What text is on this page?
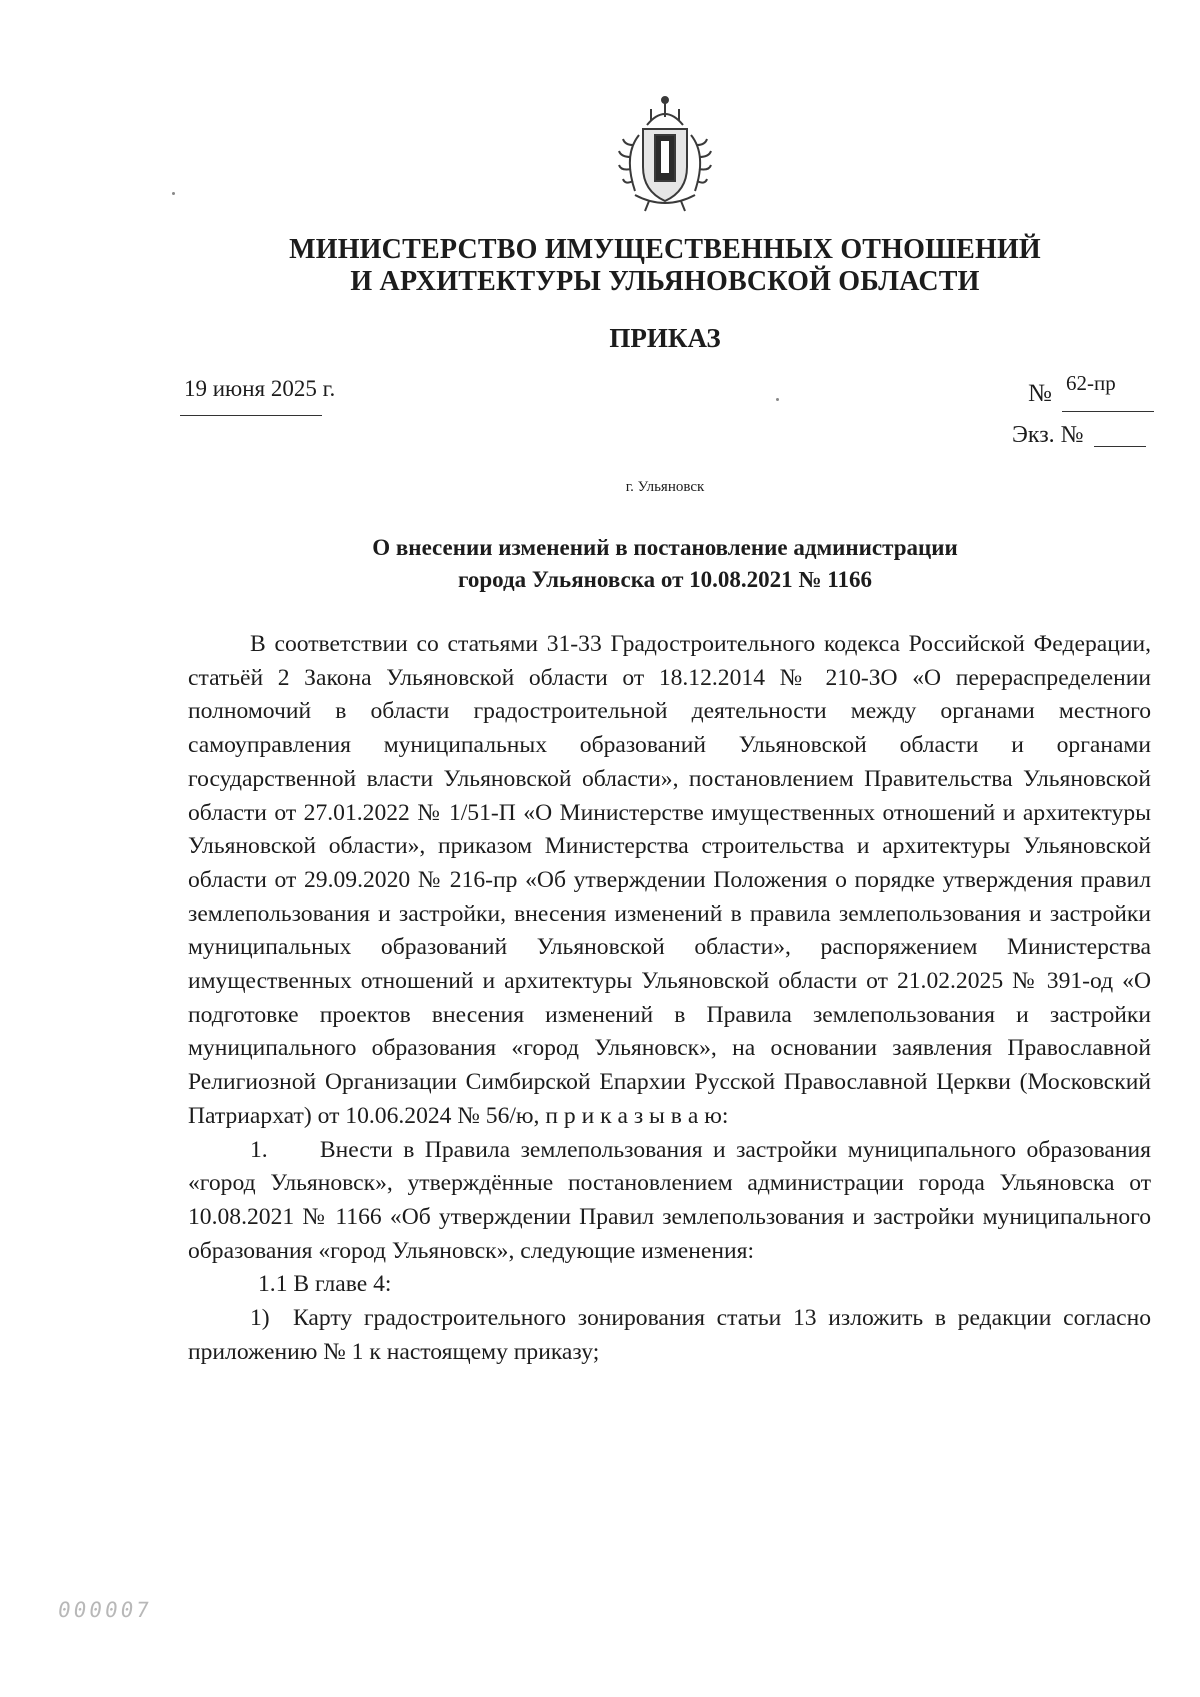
МИНИСТЕРСТВО ИМУЩЕСТВЕННЫХ ОТНОШЕНИЙ
И АРХИТЕКТУРЫ УЛЬЯНОВСКОЙ ОБЛАСТИ
ПРИКАЗ
19 июня 2025 г.	№ 62-пр
Экз. №
г. Ульяновск
О внесении изменений в постановление администрации
города Ульяновска от 10.08.2021 № 1166

В соответствии со статьями 31-33 Градостроительного кодекса Российской Федерации, статьёй 2 Закона Ульяновской области от 18.12.2014 № 210-ЗО «О перераспределении полномочий в области градостроительной деятельности между органами местного самоуправления муниципальных образований Ульяновской области и органами государственной власти Ульяновской области», постановлением Правительства Ульяновской области от 27.01.2022 № 1/51-П «О Министерстве имущественных отношений и архитектуры Ульяновской области», приказом Министерства строительства и архитектуры Ульяновской области от 29.09.2020 № 216-пр «Об утверждении Положения о порядке утверждения правил землепользования и застройки, внесения изменений в правила землепользования и застройки муниципальных образований Ульяновской области», распоряжением Министерства имущественных отношений и архитектуры Ульяновской области от 21.02.2025 № 391-од «О подготовке проектов внесения изменений в Правила землепользования и застройки муниципального образования «город Ульяновск», на основании заявления Православной Религиозной Организации Симбирской Епархии Русской Православной Церкви (Московский Патриархат) от 10.06.2024 № 56/ю, п р и к а з ы в а ю:

1.     Внести в Правила землепользования и застройки муниципального образования «город Ульяновск», утверждённые постановлением администрации города Ульяновска от 10.08.2021 № 1166 «Об утверждении Правил землепользования и застройки муниципального образования «город Ульяновск», следующие изменения:

1.1 В главе 4:

1)  Карту градостроительного зонирования статьи 13 изложить в редакции согласно приложению № 1 к настоящему приказу;

000007
